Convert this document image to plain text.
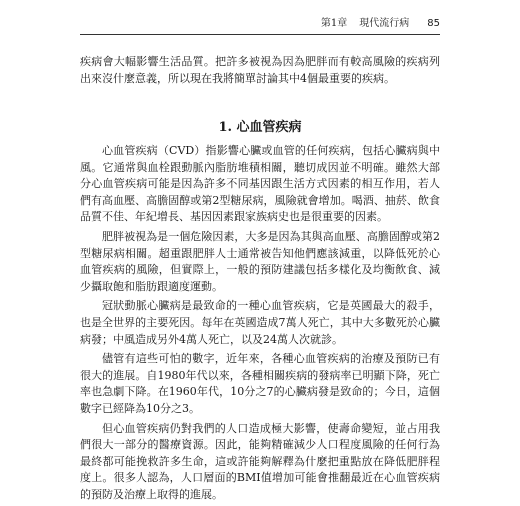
第1章 現代流行病 85

疾病會大幅影響生活品質。把許多被視為因為肥胖而有較高風險的疾病列出來沒什麼意義，所以現在我將簡單討論其中4個最重要的疾病。

1. 心血管疾病

心血管疾病（CVD）指影響心臟或血管的任何疾病，包括心臟病與中風。它通常與血栓跟動脈內脂肪堆積相關，聽切成因並不明確。雖然大部分心血管疾病可能是因為許多不同基因跟生活方式因素的相互作用，若人們有高血壓、高膽固醇或第2型糖尿病，風險就會增加。喝酒、抽菸、飲食品質不佳、年紀增長、基因因素跟家族病史也是很重要的因素。

肥胖被視為是一個危險因素，大多是因為其與高血壓、高膽固醇或第2型糖尿病相關。超重跟肥胖人士通常被告知他們應該減重，以降低死於心血管疾病的風險，但實際上，一般的預防建議包括多樣化及均衡飲食、減少攝取飽和脂肪跟適度運動。

冠狀動脈心臟病是最致命的一種心血管疾病，它是英國最大的殺手，也是全世界的主要死因。每年在英國造成7萬人死亡，其中大多數死於心臟病發；中風造成另外4萬人死亡，以及24萬人次就診。

儘管有這些可怕的數字，近年來，各種心血管疾病的治療及預防已有很大的進展。自1980年代以來，各種相關疾病的發病率已明顯下降，死亡率也急劇下降。在1960年代，10分之7的心臟病發是致命的；今日，這個數字已經降為10分之3。

但心血管疾病仍對我們的人口造成極大影響，使壽命變短，並占用我們很大一部分的醫療資源。因此，能夠精確減少人口程度風險的任何行為最終都可能挽救許多生命，這或許能夠解釋為什麼把重點放在降低肥胖程度上。很多人認為，人口層面的BMI值增加可能會推翻最近在心血管疾病的預防及治療上取得的進展。
